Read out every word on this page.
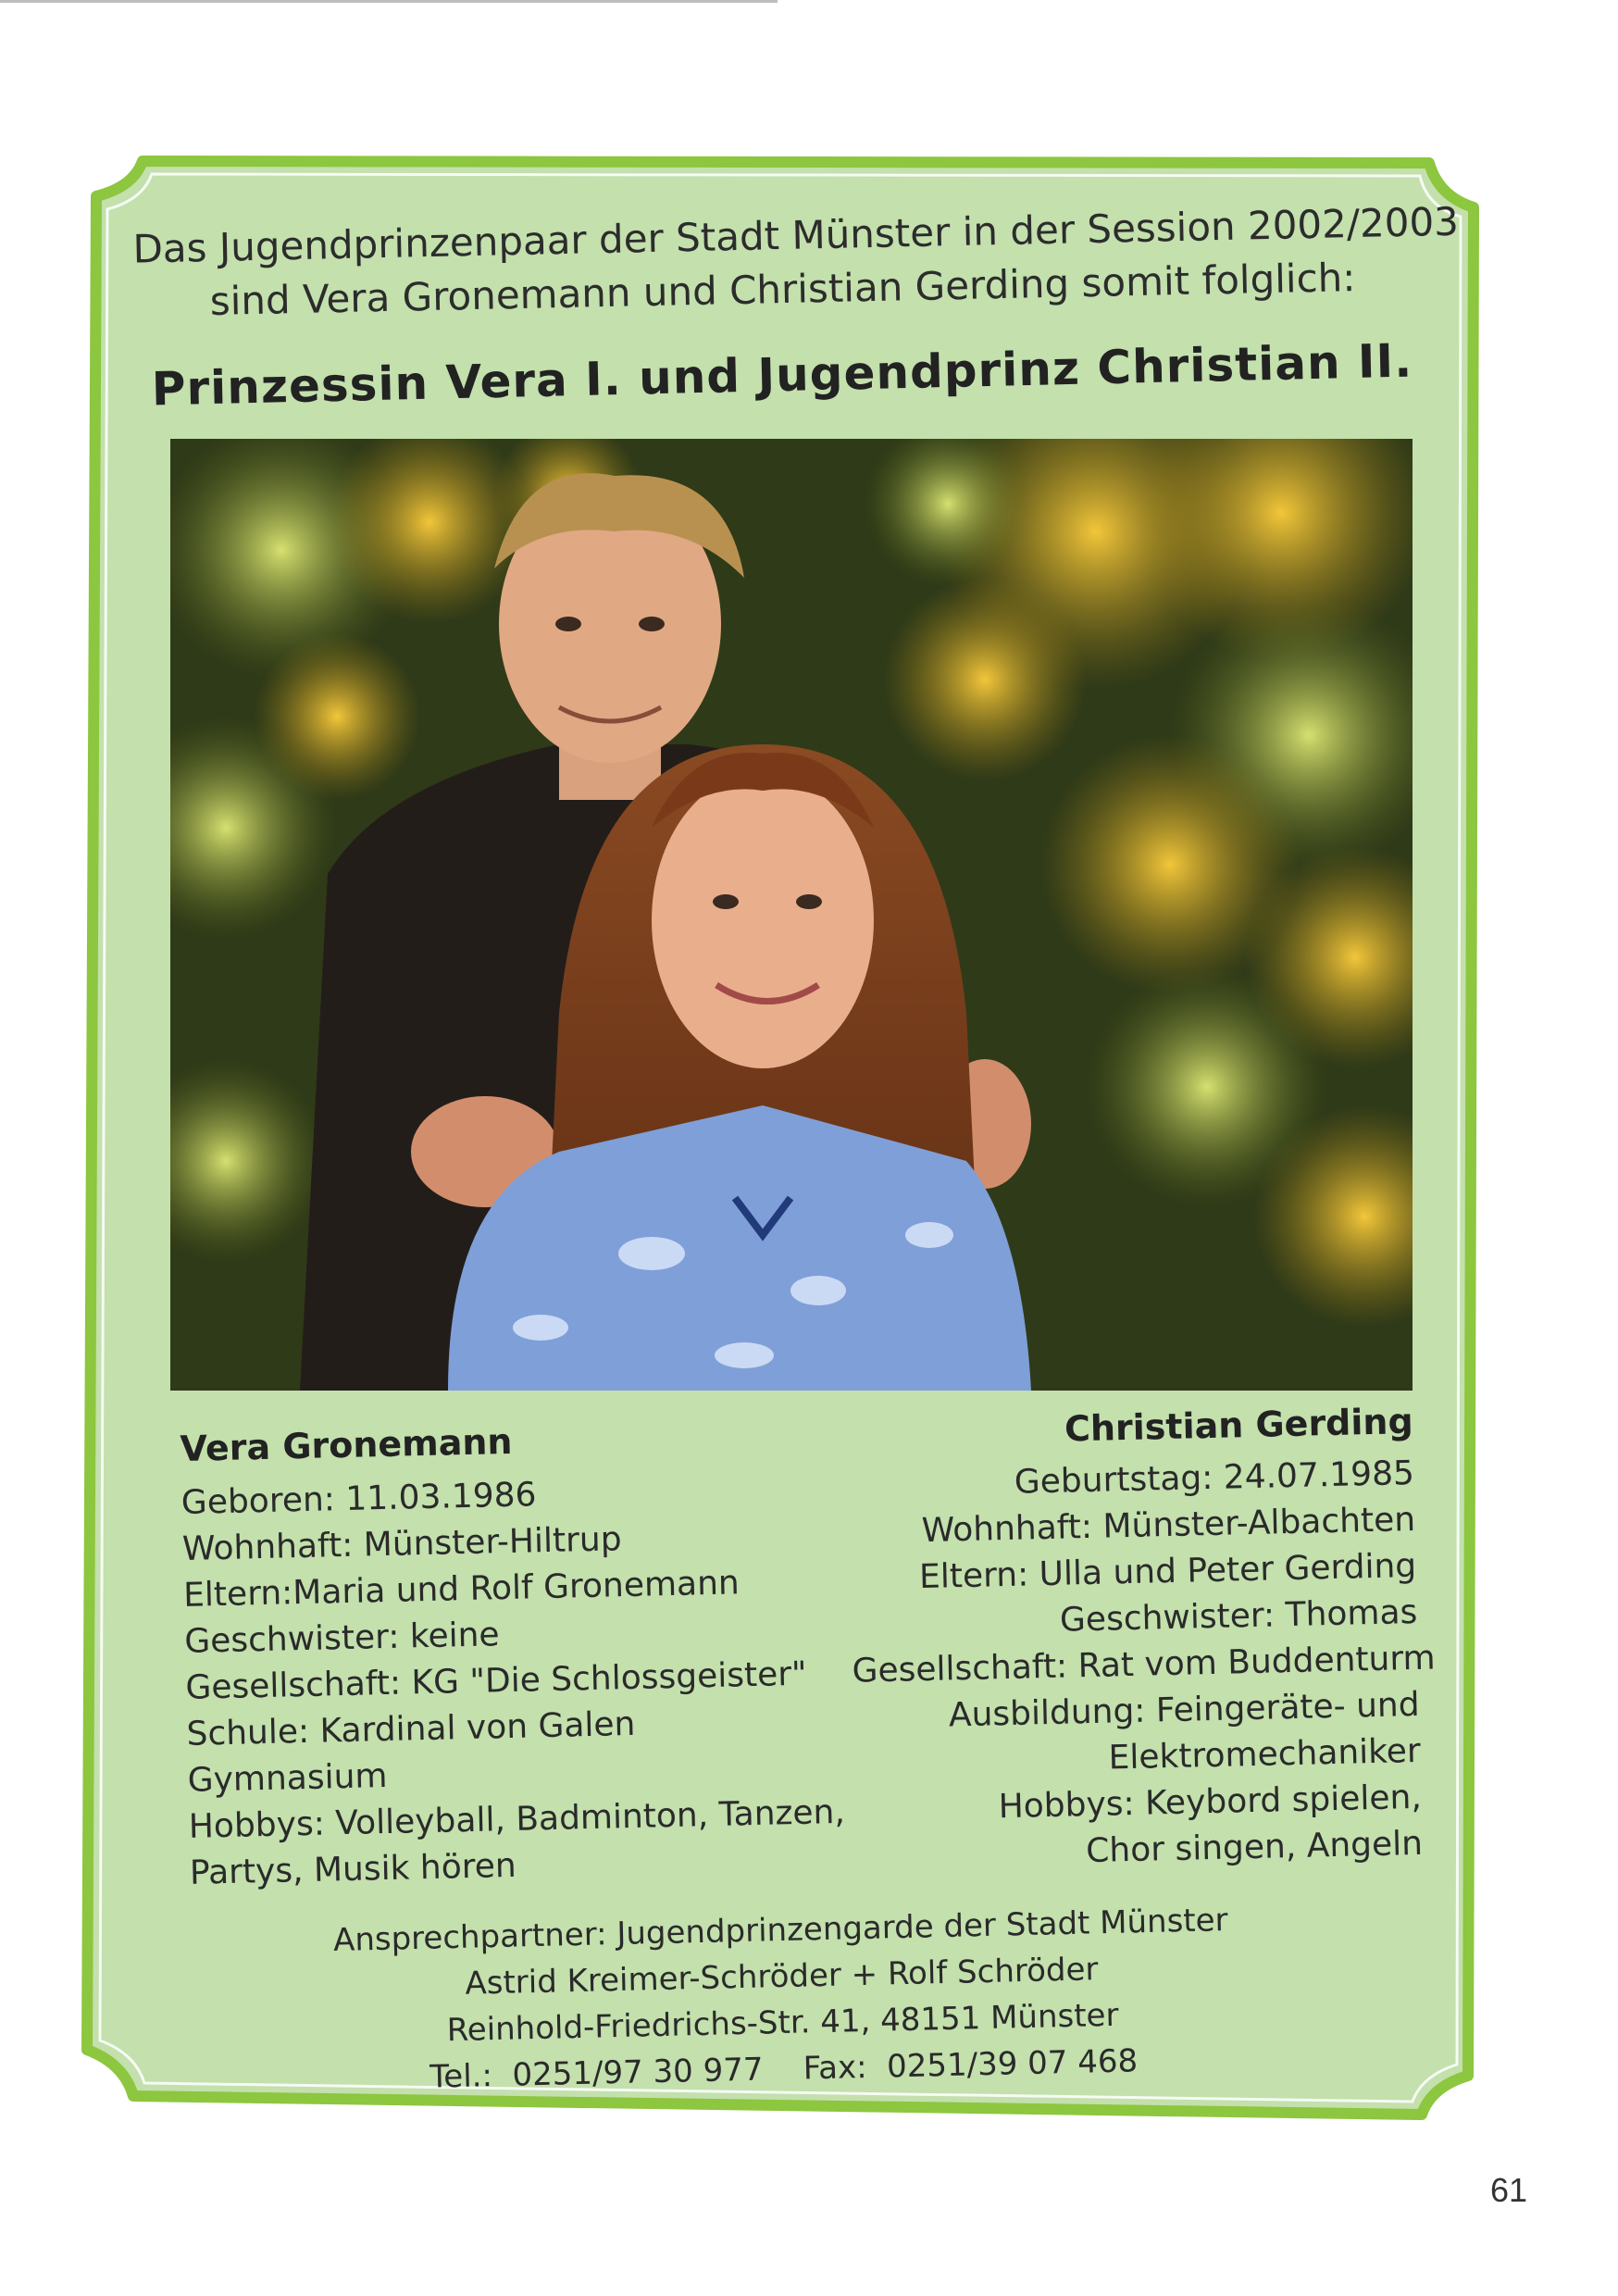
Das Jugendprinzenpaar der Stadt Münster in der Session 2002/2003
sind Vera Gronemann und Christian Gerding somit folglich:
Prinzessin Vera I. und Jugendprinz Christian II.
Vera Gronemann
Geboren: 11.03.1986
Wohnhaft: Münster-Hiltrup
Eltern:Maria und Rolf Gronemann
Geschwister: keine
Gesellschaft: KG "Die Schlossgeister"
Schule: Kardinal von Galen
Gymnasium
Hobbys: Volleyball, Badminton, Tanzen,
Partys, Musik hören
Christian Gerding
Geburtstag: 24.07.1985
Wohnhaft: Münster-Albachten
Eltern: Ulla und Peter Gerding
Geschwister: Thomas
Gesellschaft: Rat vom Buddenturm
Ausbildung: Feingeräte- und
Elektromechaniker
Hobbys: Keybord spielen,
Chor singen, Angeln
Ansprechpartner: Jugendprinzengarde der Stadt Münster
Astrid Kreimer-Schröder + Rolf Schröder
Reinhold-Friedrichs-Str. 41, 48151 Münster
Tel.:  0251/97 30 977    Fax:  0251/39 07 468
61
